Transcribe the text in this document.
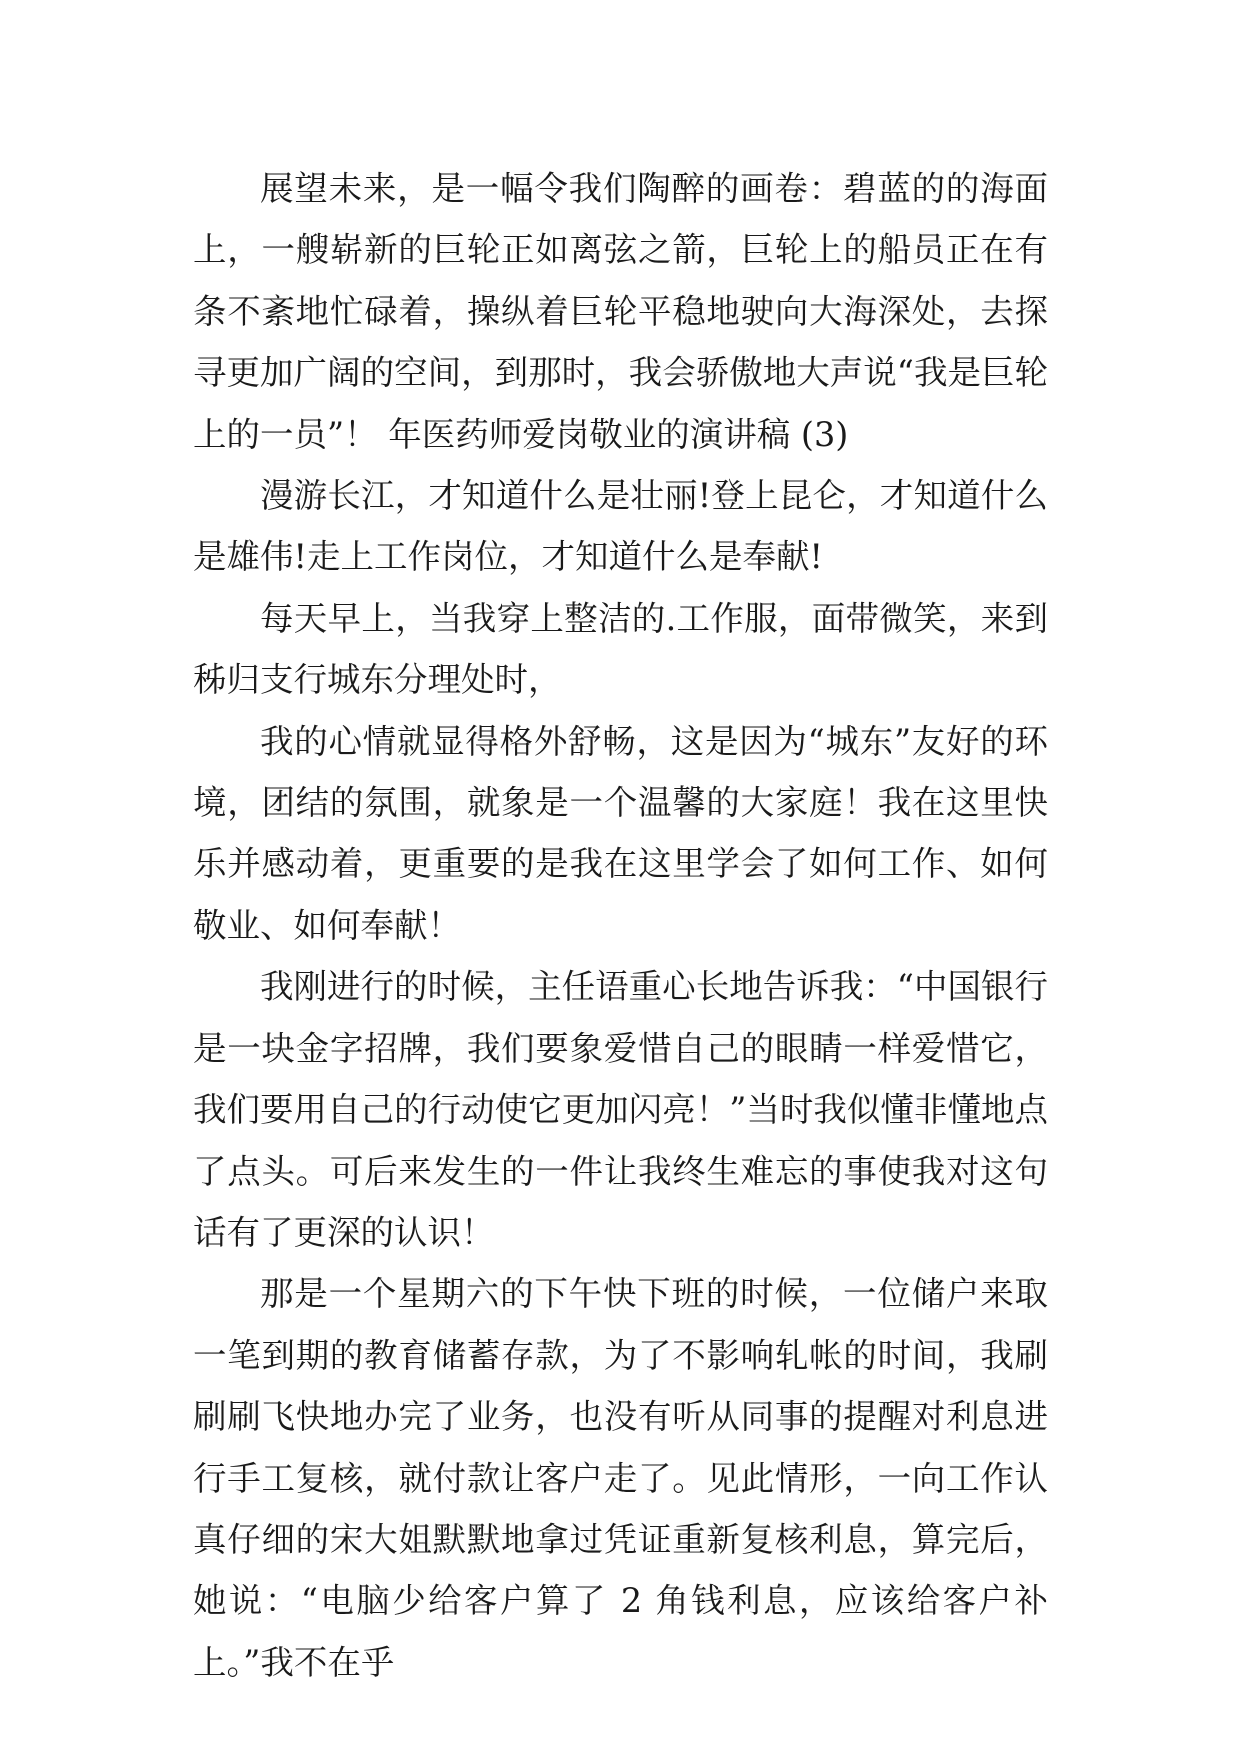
展望未来，是一幅令我们陶醉的画卷：碧蓝的的海面上，一艘崭新的巨轮正如离弦之箭，巨轮上的船员正在有条不紊地忙碌着，操纵着巨轮平稳地驶向大海深处，去探寻更加广阔的空间，到那时，我会骄傲地大声说“我是巨轮上的一员”！ 年医药师爱岗敬业的演讲稿 (3)

漫游长江，才知道什么是壮丽!登上昆仑，才知道什么是雄伟!走上工作岗位，才知道什么是奉献!

每天早上，当我穿上整洁的.工作服，面带微笑，来到秭归支行城东分理处时，

我的心情就显得格外舒畅，这是因为“城东”友好的环境，团结的氛围，就象是一个温馨的大家庭！我在这里快乐并感动着，更重要的是我在这里学会了如何工作、如何敬业、如何奉献！

我刚进行的时候，主任语重心长地告诉我：“中国银行是一块金字招牌，我们要象爱惜自己的眼睛一样爱惜它，我们要用自己的行动使它更加闪亮！”当时我似懂非懂地点了点头。可后来发生的一件让我终生难忘的事使我对这句话有了更深的认识！

那是一个星期六的下午快下班的时候，一位储户来取一笔到期的教育储蓄存款，为了不影响轧帐的时间，我刷刷刷飞快地办完了业务，也没有听从同事的提醒对利息进行手工复核，就付款让客户走了。见此情形，一向工作认真仔细的宋大姐默默地拿过凭证重新复核利息，算完后，她说：“电脑少给客户算了 2 角钱利息，应该给客户补上。”我不在乎
